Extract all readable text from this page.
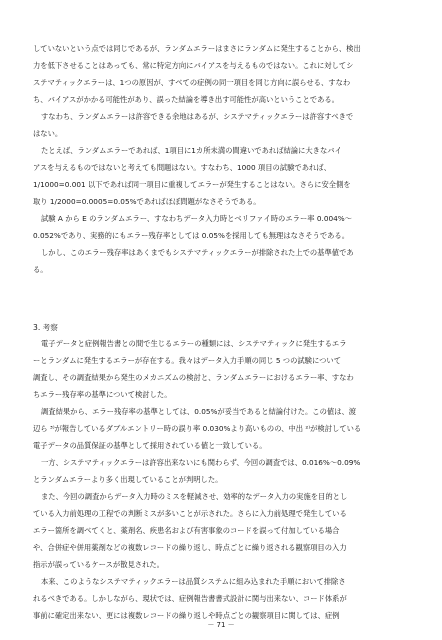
していないという点では同じであるが、ランダムエラーはまさにランダムに発生することから、検出
力を低下させることはあっても、常に特定方向にバイアスを与えるものではない。これに対してシ
ステマティックエラーは、1つの原因が、すべての症例の同一項目を同じ方向に誤らせる、すなわ
ち、バイアスがかかる可能性があり、誤った結論を導き出す可能性が高いということである。
すなわち、ランダムエラーは許容できる余地はあるが、システマティックエラーは許容すべきで
はない。
たとえば、ランダムエラーであれば、1項目に1カ所未満の間違いであれば結論に大きなバイ
アスを与えるものではないと考えても問題はない。すなわち、1000 項目の試験であれば、
1/1000=0.001 以下であれば同一項目に重複してエラーが発生することはない。さらに安全側を
取り 1/2000=0.0005=0.05%であればほぼ問題がなさそうである。
試験 A から E のランダムエラー、すなわちデータ入力時とベリファイ時のエラー率 0.004%～
0.052%であり、実務的にもエラー残存率としては 0.05%を採用しても無理はなさそうである。
しかし、このエラー残存率はあくまでもシステマティックエラーが排除された上での基準値であ
る。
3. 考察
電子データと症例報告書との間で生じるエラーの種類には、システマティックに発生するエラ
ーとランダムに発生するエラーが存在する。我々はデータ入力手順の同じ 5 つの試験について
調査し、その調査結果から発生のメカニズムの検討と、ランダムエラーにおけるエラー率、すなわ
ちエラー残存率の基準について検討した。
調査結果から、エラー残存率の基準としては、0.05%が妥当であると結論付けた。この値は、渡
辺ら ³⁾が報告しているダブルエントリー時の誤り率 0.030%より高いものの、中出 ²⁾が検討している
電子データの品質保証の基準として採用されている値と一致している。
一方、システマティックエラーは許容出来ないにも関わらず、今回の調査では、0.016%～0.09%
とランダムエラーより多く出現していることが判明した。
また、今回の調査からデータ入力時のミスを軽減させ、効率的なデータ入力の実施を目的とし
ている入力前処理の工程での判断ミスが多いことが示された。さらに入力前処理で発生している
エラー箇所を調べてくと、薬剤名、疾患名および有害事象のコードを誤って付加している場合
や、合併症や併用薬剤などの複数レコードの繰り返し、時点ごとに繰り返される観察項目の入力
指示が誤っているケースが散見された。
本来、このようなシステマティックエラーは品質システムに組み込まれた手順において排除さ
れるべきである。しかしながら、現状では、症例報告書書式設計に関与出来ない、コード体系が
事前に確定出来ない、更には複数レコードの繰り返しや時点ごとの観察項目に関しては、症例
－ 71 －
